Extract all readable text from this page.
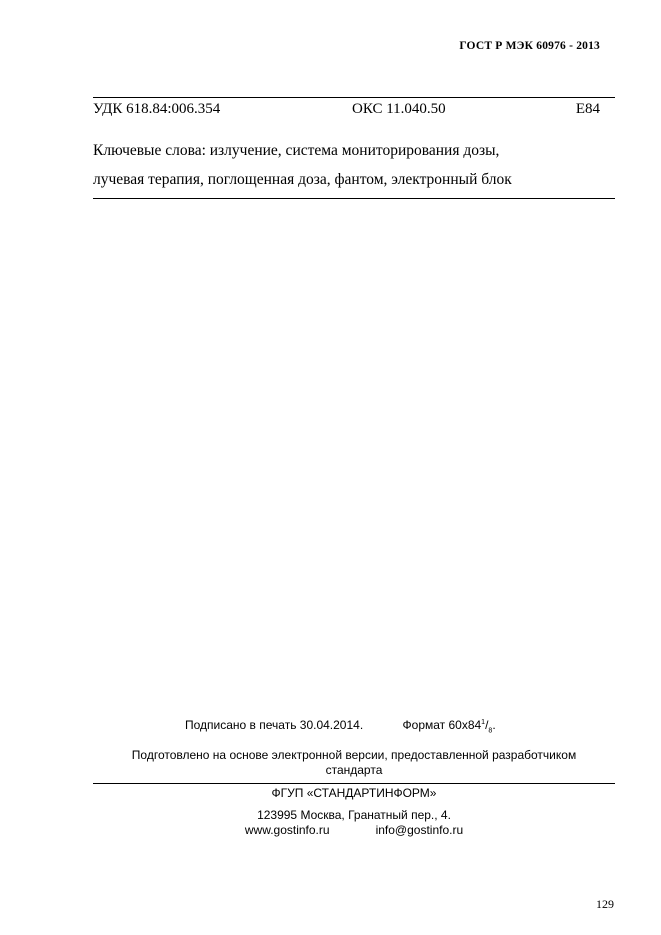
ГОСТ Р МЭК 60976 - 2013
УДК 618.84:006.354	ОКС 11.040.50	Е84
Ключевые слова: излучение, система мониторирования дозы,
лучевая терапия, поглощенная доза, фантом, электронный блок
Подписано в печать 30.04.2014.	Формат $60x84^1/_8$.
Подготовлено на основе электронной версии, предоставленной разработчиком
стандарта
ФГУП «СТАНДАРТИНФОРМ»
123995 Москва, Гранатный пер., 4.
www.gostinfo.ru	info@gostinfo.ru
129
